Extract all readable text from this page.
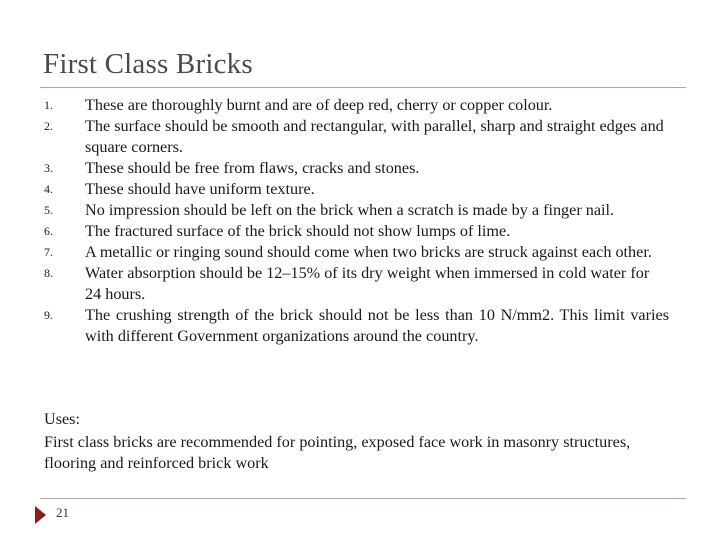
First Class Bricks
1. These are thoroughly burnt and are of deep red, cherry or copper colour.
2. The surface should be smooth and rectangular, with parallel, sharp and straight edges and square corners.
3. These should be free from flaws, cracks and stones.
4. These should have uniform texture.
5. No impression should be left on the brick when a scratch is made by a finger nail.
6. The fractured surface of the brick should not show lumps of lime.
7. A metallic or ringing sound should come when two bricks are struck against each other.
8. Water absorption should be 12–15% of its dry weight when immersed in cold water for 24 hours.
9. The crushing strength of the brick should not be less than 10 N/mm2. This limit varies with different Government organizations around the country.
Uses:
First class bricks are recommended for pointing, exposed face work in masonry structures, flooring and reinforced brick work
21
